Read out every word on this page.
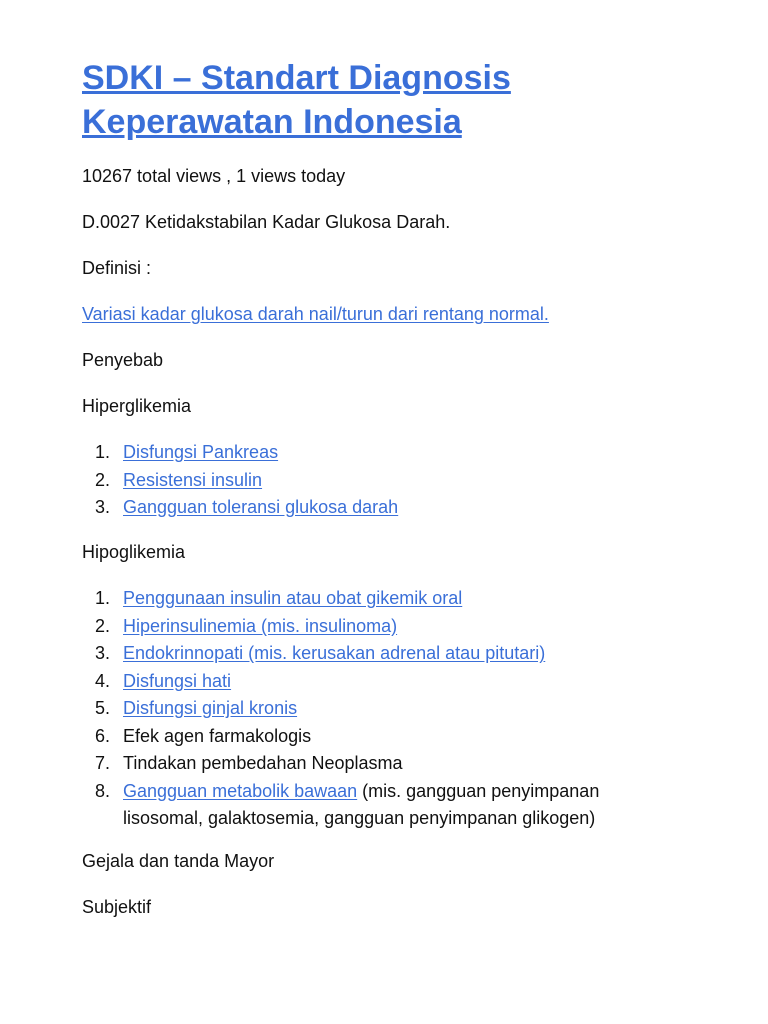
SDKI – Standart Diagnosis Keperawatan Indonesia

10267 total views , 1 views today

D.0027 Ketidakstabilan Kadar Glukosa Darah.

Definisi :

Variasi kadar glukosa darah nail/turun dari rentang normal.

Penyebab

Hiperglikemia

1. Disfungsi Pankreas
2. Resistensi insulin
3. Gangguan toleransi glukosa darah

Hipoglikemia

1. Penggunaan insulin atau obat gikemik oral
2. Hiperinsulinemia (mis. insulinoma)
3. Endokrinnopati (mis. kerusakan adrenal atau pitutari)
4. Disfungsi hati
5. Disfungsi ginjal kronis
6. Efek agen farmakologis
7. Tindakan pembedahan Neoplasma
8. Gangguan metabolik bawaan (mis. gangguan penyimpanan lisosomal, galaktosemia, gangguan penyimpanan glikogen)

Gejala dan tanda Mayor

Subjektif
